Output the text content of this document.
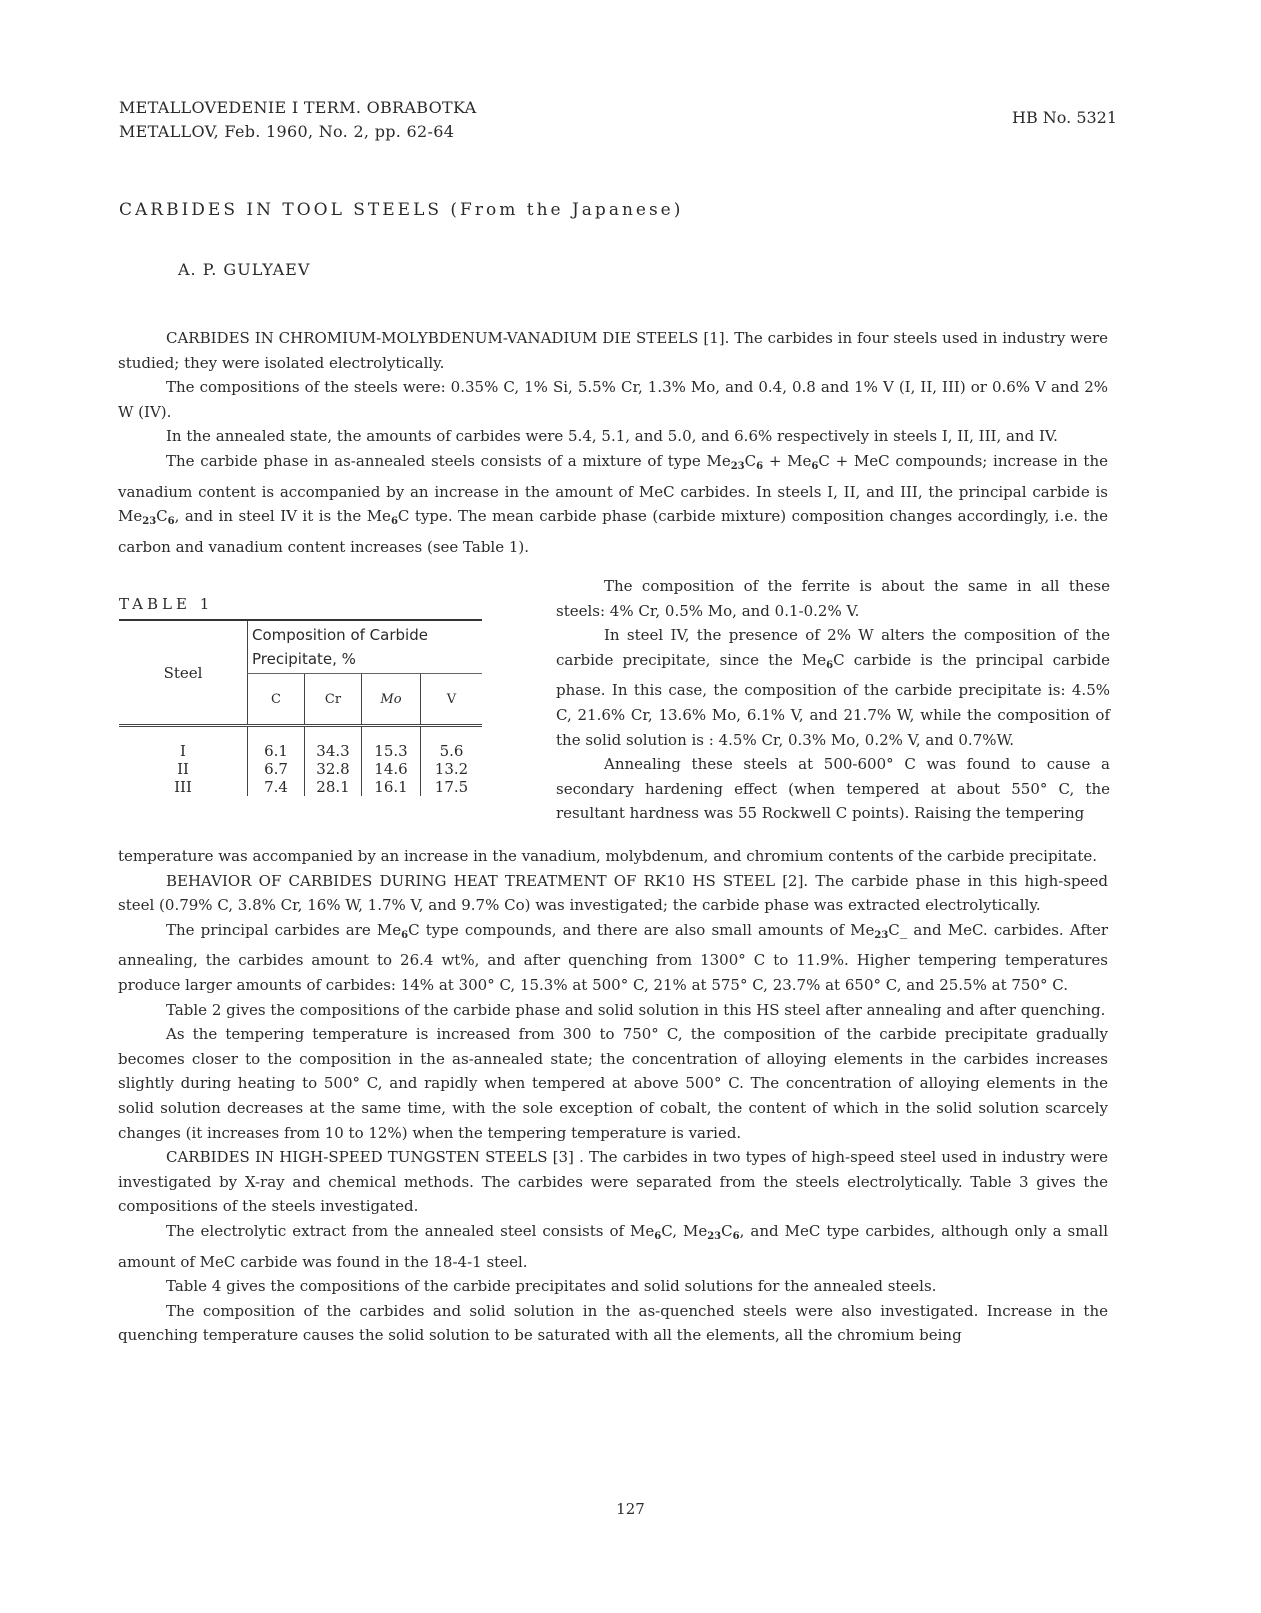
METALLOVEDENIE I TERM. OBRABOTKA
METALLOV, Feb. 1960, No. 2, pp. 62-64
HB No. 5321
CARBIDES IN TOOL STEELS (From the Japanese)
A. P. GULYAEV
CARBIDES IN CHROMIUM-MOLYBDENUM-VANADIUM DIE STEELS [1]. The carbides in four steels used in industry were studied; they were isolated electrolytically.
The compositions of the steels were: 0.35% C, 1% Si, 5.5% Cr, 1.3% Mo, and 0.4, 0.8 and 1% V (I, II, III) or 0.6% V and 2% W (IV).
In the annealed state, the amounts of carbides were 5.4, 5.1, and 5.0, and 6.6% respectively in steels I, II, III, and IV.
The carbide phase in as-annealed steels consists of a mixture of type $Me_{23}C_6 + Me_6C$ + MeC compounds; increase in the vanadium content is accompanied by an increase in the amount of MeC carbides. In steels I, II, and III, the principal carbide is $Me_{23}C_6$, and in steel IV it is the $Me_6C$ type. The mean carbide phase (carbide mixture) composition changes accordingly, i.e. the carbon and vanadium content increases (see Table 1).
TABLE 1
Steel	Composition of Carbide Precipitate, %			
	C	Cr	Mo	V

I	6.1	34.3	15.3	5.6
II	6.7	32.8	14.6	13.2
III	7.4	28.1	16.1	17.5
The composition of the ferrite is about the same in all these steels: 4% Cr, 0.5% Mo, and 0.1-0.2% V.
In steel IV, the presence of 2% W alters the composition of the carbide precipitate, since the $Me_6C$ carbide is the principal carbide phase. In this case, the composition of the carbide precipitate is: 4.5% C, 21.6% Cr, 13.6% Mo, 6.1% V, and 21.7% W, while the composition of the solid solution is : 4.5% Cr, 0.3% Mo, 0.2% V, and 0.7%W.
Annealing these steels at 500-600° C was found to cause a secondary hardening effect (when tempered at about 550° C, the resultant hardness was 55 Rockwell C points). Raising the tempering
temperature was accompanied by an increase in the vanadium, molybdenum, and chromium contents of the carbide precipitate.
BEHAVIOR OF CARBIDES DURING HEAT TREATMENT OF RK10 HS STEEL [2]. The carbide phase in this high-speed steel (0.79% C, 3.8% Cr, 16% W, 1.7% V, and 9.7% Co) was investigated; the carbide phase was extracted electrolytically.
The principal carbides are $Me_6C$ type compounds, and there are also small amounts of $Me_{23}C\_$ and MeC. carbides. After annealing, the carbides amount to 26.4 wt%, and after quenching from 1300° C to 11.9%. Higher tempering temperatures produce larger amounts of carbides: 14% at 300° C, 15.3% at 500° C, 21% at 575° C, 23.7% at 650° C, and 25.5% at 750° C.
Table 2 gives the compositions of the carbide phase and solid solution in this HS steel after annealing and after quenching.
As the tempering temperature is increased from 300 to 750° C, the composition of the carbide precipitate gradually becomes closer to the composition in the as-annealed state; the concentration of alloying elements in the carbides increases slightly during heating to 500° C, and rapidly when tempered at above 500° C. The concentration of alloying elements in the solid solution decreases at the same time, with the sole exception of cobalt, the content of which in the solid solution scarcely changes (it increases from 10 to 12%) when the tempering temperature is varied.
CARBIDES IN HIGH-SPEED TUNGSTEN STEELS [3] . The carbides in two types of high-speed steel used in industry were investigated by X-ray and chemical methods. The carbides were separated from the steels electrolytically. Table 3 gives the compositions of the steels investigated.
The electrolytic extract from the annealed steel consists of $Me_6C$, $Me_{23}C_6$, and MeC type carbides, although only a small amount of MeC carbide was found in the 18-4-1 steel.
Table 4 gives the compositions of the carbide precipitates and solid solutions for the annealed steels.
The composition of the carbides and solid solution in the as-quenched steels were also investigated. Increase in the quenching temperature causes the solid solution to be saturated with all the elements, all the chromium being
127
